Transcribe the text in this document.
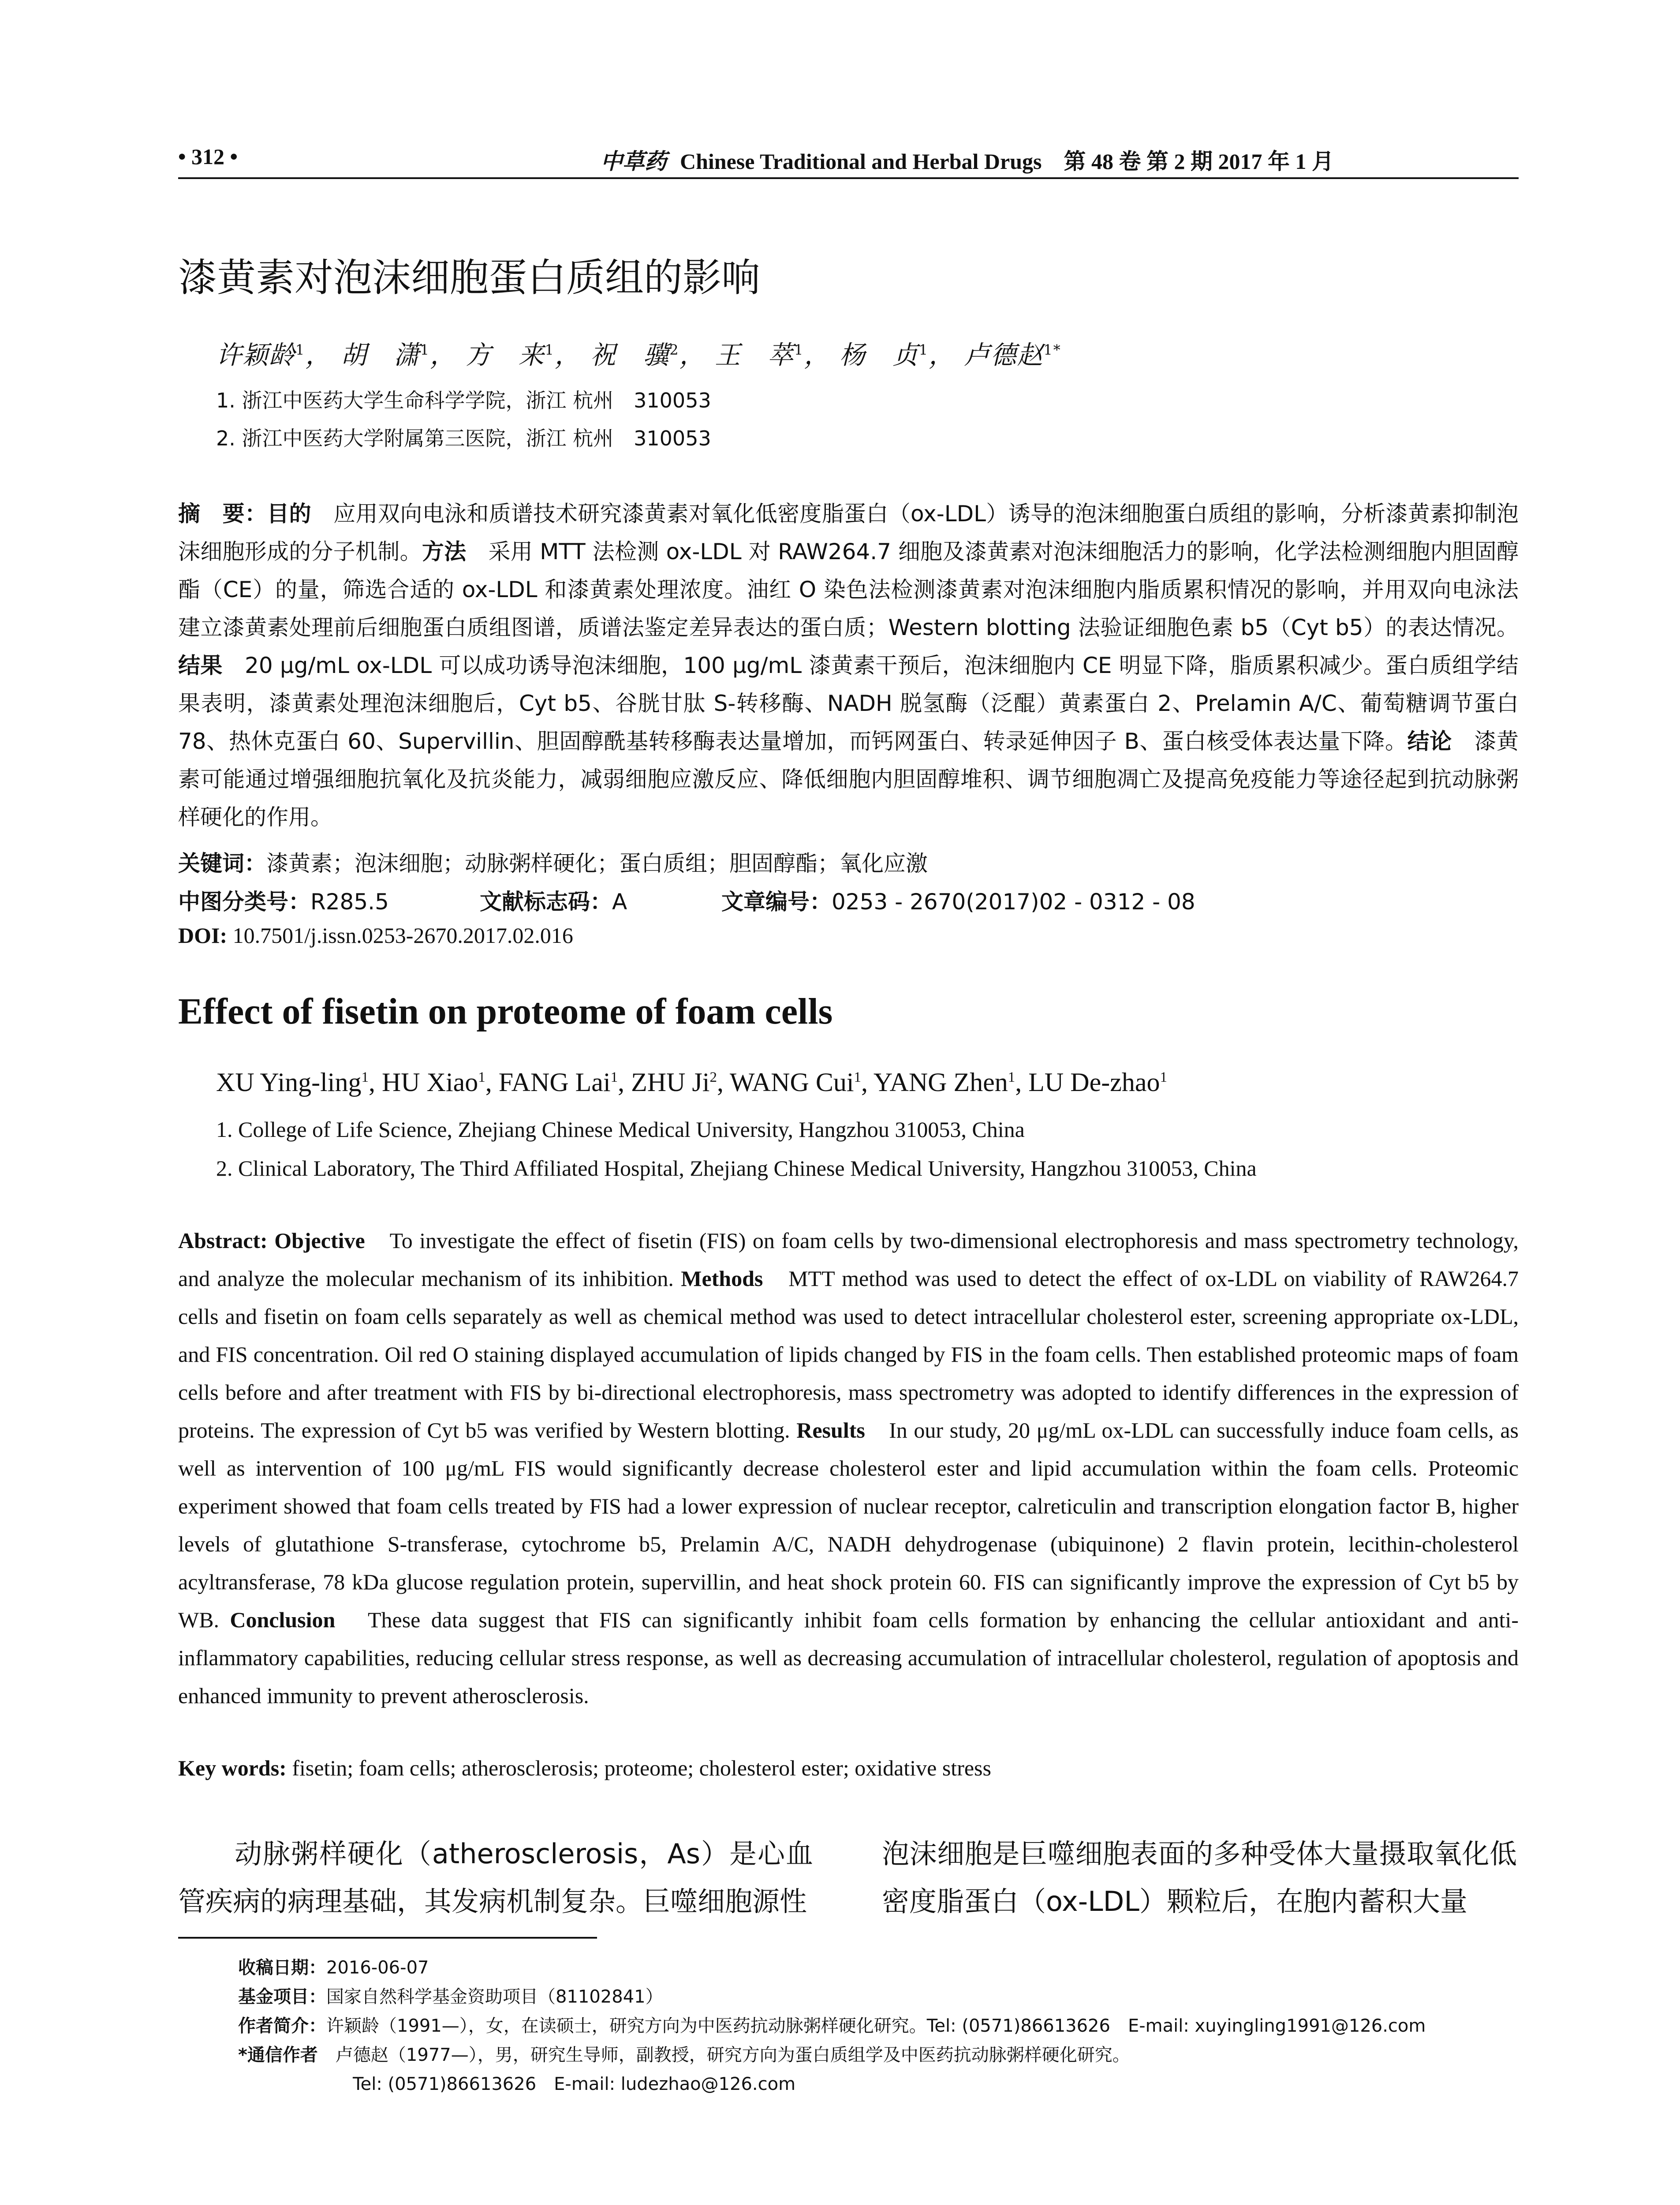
• 312 •	中草药 Chinese Traditional and Herbal Drugs　第 48 卷 第 2 期 2017 年 1 月
漆黄素对泡沫细胞蛋白质组的影响
许颖龄$^1$， 胡　潇$^1$， 方　来$^1$， 祝　骥$^2$， 王　萃$^1$， 杨　贞$^1$， 卢德赵$^{1*}$
1. 浙江中医药大学生命科学学院，浙江 杭州　310053
2. 浙江中医药大学附属第三医院，浙江 杭州　310053
摘　要：目的　应用双向电泳和质谱技术研究漆黄素对氧化低密度脂蛋白（ox-LDL）诱导的泡沫细胞蛋白质组的影响，分析漆黄素抑制泡沫细胞形成的分子机制。方法　采用 MTT 法检测 ox-LDL 对 RAW264.7 细胞及漆黄素对泡沫细胞活力的影响，化学法检测细胞内胆固醇酯（CE）的量，筛选合适的 ox-LDL 和漆黄素处理浓度。油红 O 染色法检测漆黄素对泡沫细胞内脂质累积情况的影响，并用双向电泳法建立漆黄素处理前后细胞蛋白质组图谱，质谱法鉴定差异表达的蛋白质；Western blotting 法验证细胞色素 b5（Cyt b5）的表达情况。结果　20 μg/mL ox-LDL 可以成功诱导泡沫细胞，100 μg/mL 漆黄素干预后，泡沫细胞内 CE 明显下降，脂质累积减少。蛋白质组学结果表明，漆黄素处理泡沫细胞后，Cyt b5、谷胱甘肽 S-转移酶、NADH 脱氢酶（泛醌）黄素蛋白 2、Prelamin A/C、葡萄糖调节蛋白 78、热休克蛋白 60、Supervillin、胆固醇酰基转移酶表达量增加，而钙网蛋白、转录延伸因子 B、蛋白核受体表达量下降。结论　漆黄素可能通过增强细胞抗氧化及抗炎能力，减弱细胞应激反应、降低细胞内胆固醇堆积、调节细胞凋亡及提高免疫能力等途径起到抗动脉粥样硬化的作用。
关键词：漆黄素；泡沫细胞；动脉粥样硬化；蛋白质组；胆固醇酯；氧化应激
中图分类号：R285.5	文献标志码：A	文章编号：0253 - 2670(2017)02 - 0312 - 08
DOI: 10.7501/j.issn.0253-2670.2017.02.016
Effect of fisetin on proteome of foam cells
XU Ying-ling$^1$, HU Xiao$^1$, FANG Lai$^1$, ZHU Ji$^2$, WANG Cui$^1$, YANG Zhen$^1$, LU De-zhao$^1$
1. College of Life Science, Zhejiang Chinese Medical University, Hangzhou 310053, China
2. Clinical Laboratory, The Third Affiliated Hospital, Zhejiang Chinese Medical University, Hangzhou 310053, China
Abstract: Objective　To investigate the effect of fisetin (FIS) on foam cells by two-dimensional electrophoresis and mass spectrometry technology, and analyze the molecular mechanism of its inhibition. Methods　MTT method was used to detect the effect of ox-LDL on viability of RAW264.7 cells and fisetin on foam cells separately as well as chemical method was used to detect intracellular cholesterol ester, screening appropriate ox-LDL, and FIS concentration. Oil red O staining displayed accumulation of lipids changed by FIS in the foam cells. Then established proteomic maps of foam cells before and after treatment with FIS by bi-directional electrophoresis, mass spectrometry was adopted to identify differences in the expression of proteins. The expression of Cyt b5 was verified by Western blotting. Results　In our study, 20 μg/mL ox-LDL can successfully induce foam cells, as well as intervention of 100 μg/mL FIS would significantly decrease cholesterol ester and lipid accumulation within the foam cells. Proteomic experiment showed that foam cells treated by FIS had a lower expression of nuclear receptor, calreticulin and transcription elongation factor B, higher levels of glutathione S-transferase, cytochrome b5, Prelamin A/C, NADH dehydrogenase (ubiquinone) 2 flavin protein, lecithin-cholesterol acyltransferase, 78 kDa glucose regulation protein, supervillin, and heat shock protein 60. FIS can significantly improve the expression of Cyt b5 by WB. Conclusion　These data suggest that FIS can significantly inhibit foam cells formation by enhancing the cellular antioxidant and anti-inflammatory capabilities, reducing cellular stress response, as well as decreasing accumulation of intracellular cholesterol, regulation of apoptosis and enhanced immunity to prevent atherosclerosis.
Key words: fisetin; foam cells; atherosclerosis; proteome; cholesterol ester; oxidative stress
　　动脉粥样硬化（atherosclerosis，As）是心血管疾病的病理基础，其发病机制复杂。巨噬细胞源性
泡沫细胞是巨噬细胞表面的多种受体大量摄取氧化低密度脂蛋白（ox-LDL）颗粒后，在胞内蓄积大量
收稿日期：2016-06-07
基金项目：国家自然科学基金资助项目（81102841）
作者简介：许颖龄（1991—），女，在读硕士，研究方向为中医药抗动脉粥样硬化研究。Tel: (0571)86613626　E-mail: xuyingling1991@126.com
*通信作者　卢德赵（1977—），男，研究生导师，副教授，研究方向为蛋白质组学及中医药抗动脉粥样硬化研究。
Tel: (0571)86613626　E-mail: ludezhao@126.com
